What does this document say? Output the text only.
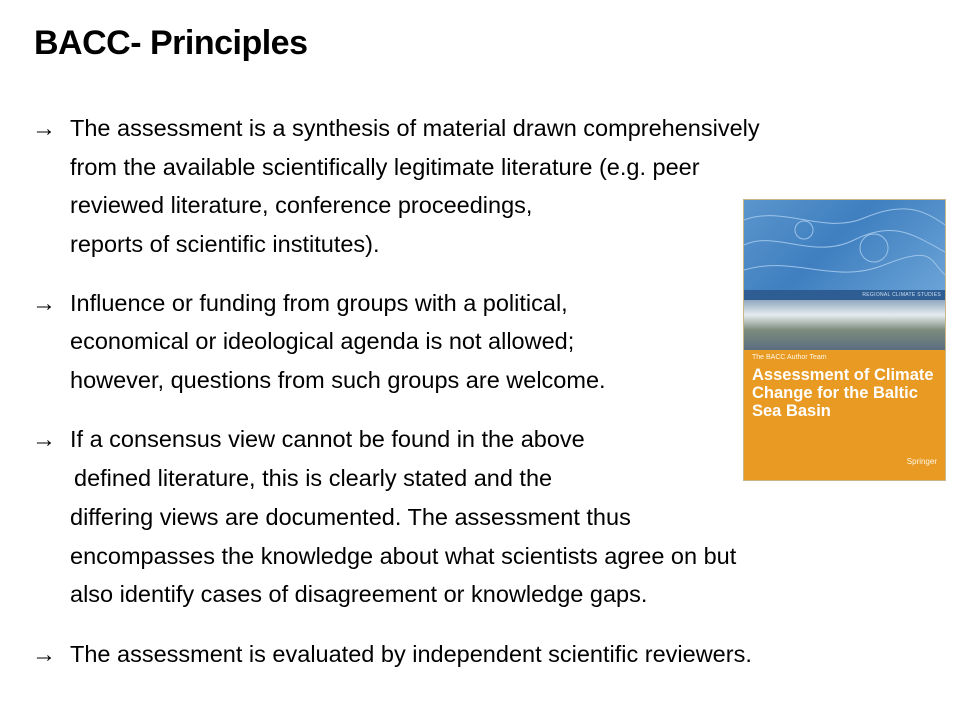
BACC- Principles
→ The assessment is a synthesis of material drawn comprehensively
from the available scientifically legitimate literature (e.g. peer
reviewed literature, conference proceedings,
reports of scientific institutes).
→ Influence or funding from groups with a political,
economical or ideological agenda is not allowed;
however, questions from such groups are welcome.
→ If a consensus view cannot be found in the above
defined literature, this is clearly stated and the
differing views are documented. The assessment thus
encompasses the knowledge about what scientists agree on but
also identify cases of disagreement or knowledge gaps.
→ The assessment is evaluated by independent scientific reviewers.
REGIONAL CLIMATE STUDIES
The BACC Author Team
Assessment of Climate Change for the Baltic Sea Basin
Springer
